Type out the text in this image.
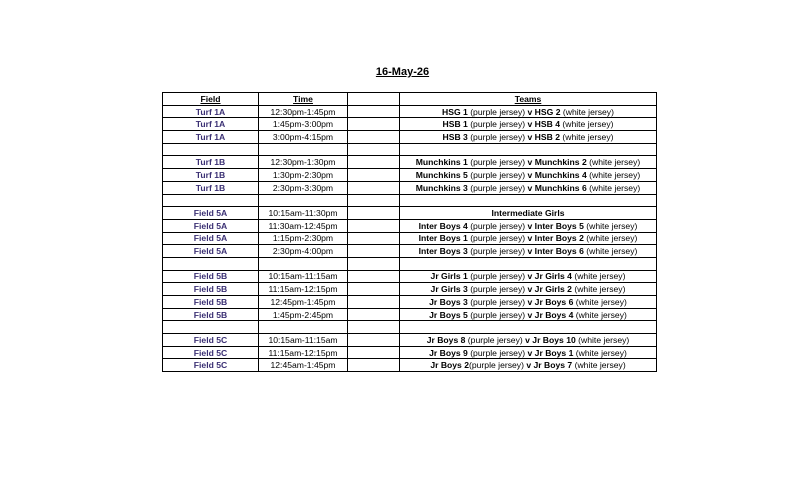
16-May-26
Field	Time		Teams
Turf 1A	12:30pm-1:45pm		HSG 1 (purple jersey) v HSG 2 (white jersey)
Turf 1A	1:45pm-3:00pm		HSB 1 (purple jersey) v HSB 4 (white jersey)
Turf 1A	3:00pm-4:15pm		HSB 3 (purple jersey) v HSB 2 (white jersey)

Turf 1B	12:30pm-1:30pm		Munchkins 1 (purple jersey) v Munchkins 2 (white jersey)
Turf 1B	1:30pm-2:30pm		Munchkins 5 (purple jersey) v Munchkins 4 (white jersey)
Turf 1B	2:30pm-3:30pm		Munchkins 3 (purple jersey) v Munchkins 6 (white jersey)

Field 5A	10:15am-11:30pm		Intermediate Girls
Field 5A	11:30am-12:45pm		Inter Boys 4 (purple jersey) v Inter Boys 5 (white jersey)
Field 5A	1:15pm-2:30pm		Inter Boys 1 (purple jersey) v Inter Boys 2 (white jersey)
Field 5A	2:30pm-4:00pm		Inter Boys 3 (purple jersey) v Inter Boys 6 (white jersey)

Field 5B	10:15am-11:15am		Jr Girls 1 (purple jersey) v Jr Girls 4 (white jersey)
Field 5B	11:15am-12:15pm		Jr Girls 3 (purple jersey) v Jr Girls 2 (white jersey)
Field 5B	12:45pm-1:45pm		Jr Boys 3 (purple jersey) v Jr Boys 6 (white jersey)
Field 5B	1:45pm-2:45pm		Jr Boys 5 (purple jersey) v Jr Boys 4 (white jersey)

Field 5C	10:15am-11:15am		Jr Boys 8 (purple jersey) v Jr Boys 10 (white jersey)
Field 5C	11:15am-12:15pm		Jr Boys 9 (purple jersey) v Jr Boys 1 (white jersey)
Field 5C	12:45am-1:45pm		Jr Boys 2(purple jersey) v Jr Boys 7 (white jersey)
